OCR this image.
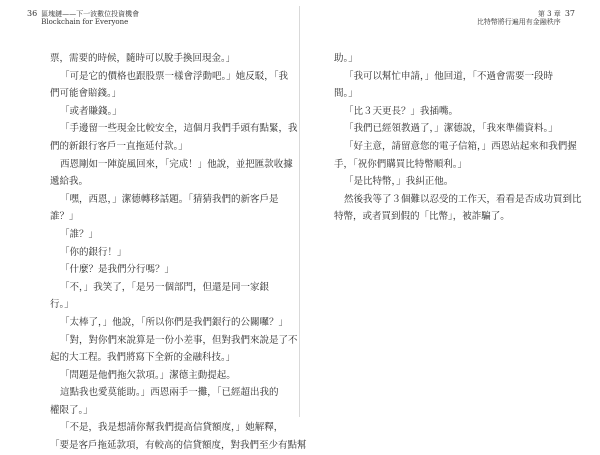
36 區塊鏈——下一波數位投資機會
Blockchain for Everyone
票，需要的時候，隨時可以脫手換回現金。」
「可是它的價格也跟股票一樣會浮動吧。」她反駁，「我
們可能會賠錢。」
「或者賺錢。」
「手邊留一些現金比較安全，這個月我們手頭有點緊，我
們的新銀行客戶一直拖延付款。」
西恩剛如一陣旋風回來，「完成！」他說，並把匯款收據
遞給我。
「嘿，西恩，」潔德轉移話題。「猜猜我們的新客戶是
誰？」
「誰？」
「你的銀行！」
「什麼？是我們分行嗎？」
「不，」我笑了，「是另一個部門，但還是同一家銀
行。」
「太棒了，」他說，「所以你們是我們銀行的公關囉？」
「對，對你們來說算是一份小差事，但對我們來說是了不
起的大工程。我們將寫下全新的金融科技。」
「問題是他們拖欠款項。」潔德主動提起。
這點我也愛莫能助。」西恩兩手一攤，「已經超出我的
權限了。」
「不是，我是想請你幫我們提高信貸額度，」她解釋，
「要是客戶拖延款項，有較高的信貸額度，對我們至少有點幫
第 3 章
比特幣將行遍用有金融秩序
37
助。」
「我可以幫忙申請，」他回道，「不過會需要一段時
間。」
「比３天更長？」我插嘴。
「我們已經領教過了，」潔德說，「我來準備資料。」
「好主意，請留意您的電子信箱，」西恩站起來和我們握
手，「祝你們購買比特幣順利。」
「是比特幣，」我糾正他。
然後我等了３個難以忍受的工作天，看看是否成功買到比
特幣，或者買到假的「比幣」，被詐騙了。
